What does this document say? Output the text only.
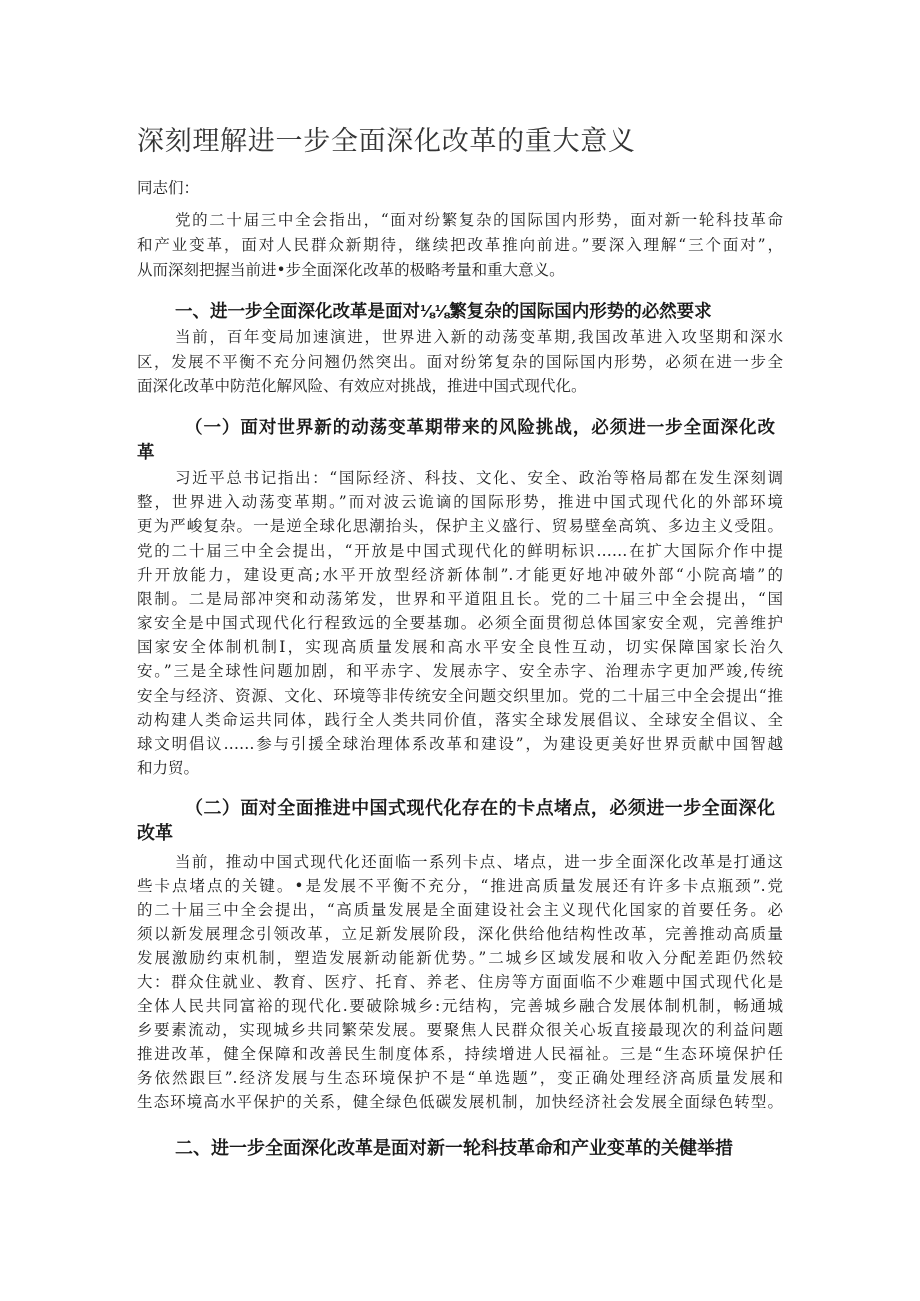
深刻理解进一步全面深化改革的重大意义
同志们：
党的二十届三中全会指出，“面对纷繁复杂的国际国内形势，面对新一轮科技革命
和产业变革，面对人民群众新期待，继续把改革推向前进。”要深入理解“三个面对”，
从而深刻把握当前进•步全面深化改革的极略考量和重大意义。
一、进一步全面深化改革是面对⅛⅛繁复杂的国际国内形势的必然要求
当前，百年变局加速演进，世界进入新的动荡变革期,我国改革进入攻坚期和深水
区，发展不平衡不充分问翘仍然突出。面对纷笫复杂的国际国内形势，必须在进一步全
面深化改革中防范化解风险、有效应对挑战，推进中国式现代化。
（一）面对世界新的动荡变革期带来的风险挑战，必须进一步全面深化改
革
习近平总书记指出：“国际经济、科技、文化、安全、政治等格局都在发生深刻调
整，世界进入动荡变革期。”而对波云诡谪的国际形势，推进中国式现代化的外部环境
更为严峻复杂。一是逆全球化思潮抬头，保护主义盛行、贸易壁垒高筑、多边主义受阻。
党的二十届三中全会提出，“开放是中国式现代化的鲜明标识……在扩大国际介作中提
升开放能力，建设更高;水平开放型经济新体制”.才能更好地冲破外部“小院高墙”的
限制。二是局部冲突和动荡笫发，世界和平道阻且长。党的二十届三中全会提出，“国
家安全是中国式现代化行程致远的全要基珈。必须全面贯彻总体国家安全观，完善维护
国家安全体制机制I，实现高质量发展和高水平安全良性互动，切实保障国家长治久
安。”三是全球性问题加剧，和平赤字、发展赤字、安全赤字、治理赤字更加严竣,传统
安全与经济、资源、文化、环境等非传统安全问题交织里加。党的二十届三中全会提出“推
动构建人类命运共同体，践行全人类共同价值，落实全球发展倡议、全球安全倡议、全
球文明倡议……参与引援全球治理体系改革和建设”，为建设更美好世界贡献中国智越
和力贸。
（二）面对全面推进中国式现代化存在的卡点堵点，必须进一步全面深化
改革
当前，推动中国式现代化还面临一系列卡点、堵点，进一步全面深化改革是打通这
些卡点堵点的关键。•是发展不平衡不充分，“推进高质量发展还有许多卡点瓶颈”.党
的二十届三中全会提出，“高质量发展是全面建设社会主义现代化国家的首要任务。必
须以新发展理念引领改革，立足新发展阶段，深化供给他结构性改革，完善推动高质量
发展激励约束机制，塑造发展新动能新优势。”二城乡区域发展和收入分配差距仍然较
大：群众住就业、教育、医疗、托育、养老、住房等方面面临不少难题中国式现代化是
全体人民共同富裕的现代化.要破除城乡:元结构，完善城乡融合发展体制机制，畅通城
乡要素流动，实现城乡共同繁荣发展。要聚焦人民群众很关心坂直接最现次的利益问题
推进改革，健全保障和改善民生制度体系，持续增进人民福祉。三是“生态环境保护任
务依然跟巨”.经济发展与生态环境保护不是“单选题”，变正确处理经济高质量发展和
生态环境高水平保护的关系，健全绿色低碳发展机制，加快经济社会发展全面绿色转型。
二、进一步全面深化改革是面对新一轮科技革命和产业变革的关健举措
